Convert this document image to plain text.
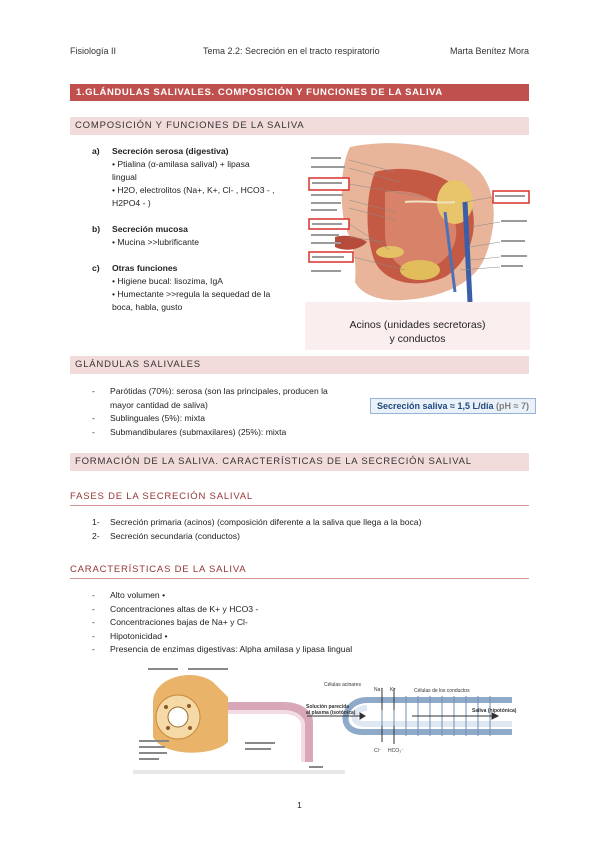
Fisiología II	Tema 2.2: Secreción en el tracto respiratorio	Marta Benítez Mora
1.GLÁNDULAS SALIVALES. COMPOSICIÓN Y FUNCIONES DE LA SALIVA
COMPOSICIÓN Y FUNCIONES DE LA SALIVA
a)	Secreción serosa (digestiva)
• Ptialina (α-amilasa salival) + lipasa
lingual
• H2O, electrolitos (Na+, K+, Cl- , HCO3 - ,
H2PO4 - )
b)	Secreción mucosa
• Mucina >>lubrificante
c)	Otras funciones
• Higiene bucal: lisozima, IgA
• Humectante >>regula la sequedad de la
boca, habla, gusto
Acinos (unidades secretoras)
y conductos
GLÁNDULAS SALIVALES
-	Parótidas (70%): serosa (son las principales, producen la
mayor cantidad de saliva)
-	Sublinguales (5%): mixta
-	Submandibulares (submaxilares) (25%): mixta
Secreción saliva ≈ 1,5 L/día (pH ≈ 7)
FORMACIÓN DE LA SALIVA. CARACTERÍSTICAS DE LA SECRECIÓN SALIVAL
FASES DE LA SECRECIÓN SALIVAL
1-	Secreción primaria (acinos) (composición diferente a la saliva que llega a la boca)
2-	Secreción secundaria (conductos)
CARACTERÍSTICAS DE LA SALIVA
-	Alto volumen •
-	Concentraciones altas de K+ y HCO3 -
-	Concentraciones bajas de Na+ y Cl-
-	Hipotonicidad •
-	Presencia de enzimas digestivas: Alpha amilasa y lipasa lingual
Na⁺ K⁺
Cl⁻ HCO₃⁻
Células acinares
Células de los conductos
Solución parecida
al plasma (isotónica)	Saliva (hipotónica)
1
